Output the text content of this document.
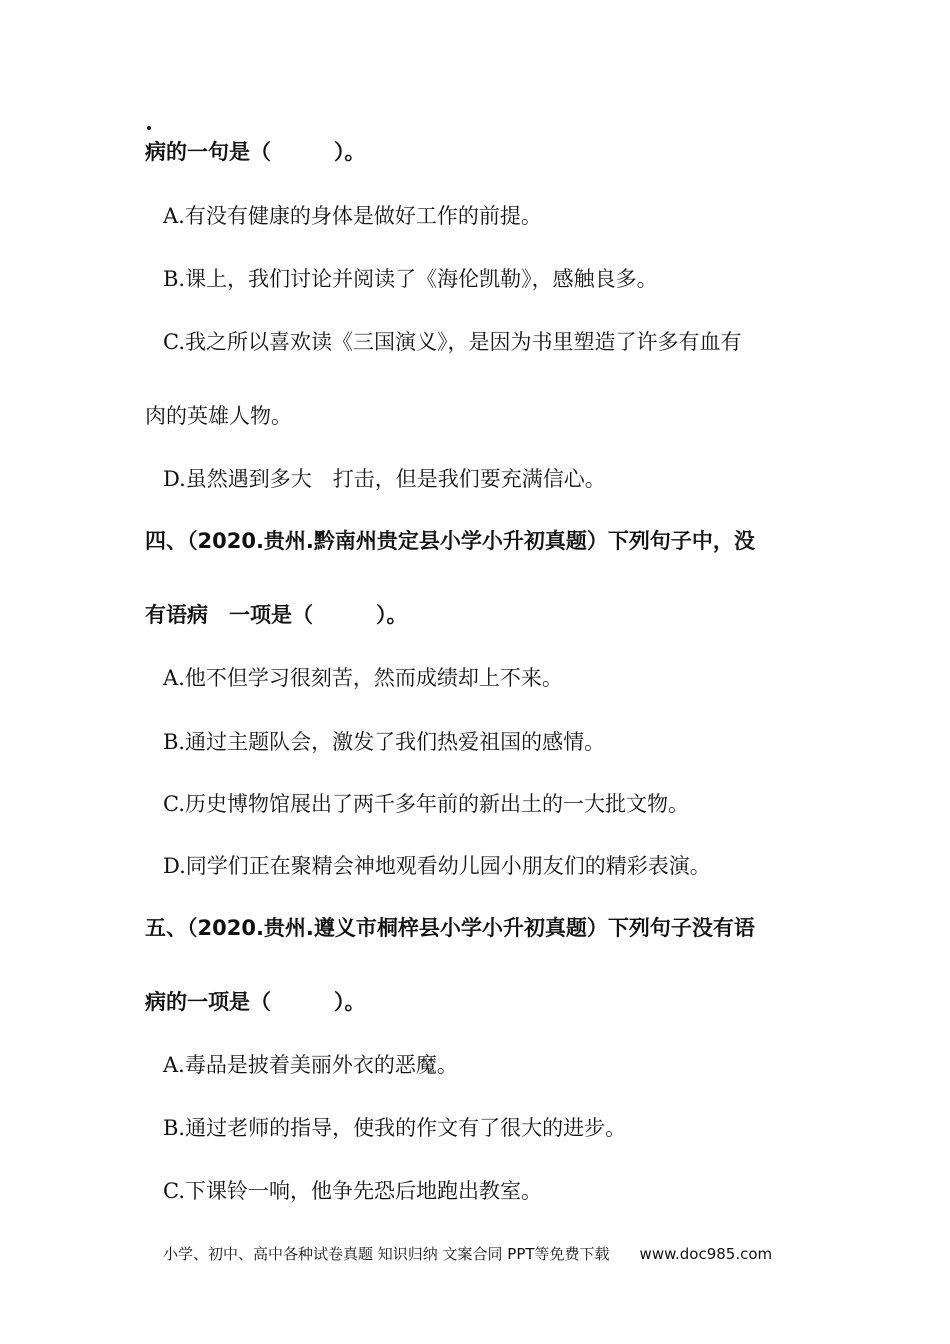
病的一句是（　　　）。
A.有没有健康的身体是做好工作的前提。
B.课上，我们讨论并阅读了《海伦凯勒》，感触良多。
C.我之所以喜欢读《三国演义》，是因为书里塑造了许多有血有
肉的英雄人物。
D.虽然遇到多大　打击，但是我们要充满信心。
四、（2020.贵州.黔南州贵定县小学小升初真题）下列句子中，没
有语病　一项是（　　　）。
A.他不但学习很刻苦，然而成绩却上不来。
B.通过主题队会，激发了我们热爱祖国的感情。
C.历史博物馆展出了两千多年前的新出土的一大批文物。
D.同学们正在聚精会神地观看幼儿园小朋友们的精彩表演。
五、（2020.贵州.遵义市桐梓县小学小升初真题）下列句子没有语
病的一项是（　　　）。
A.毒品是披着美丽外衣的恶魔。
B.通过老师的指导，使我的作文有了很大的进步。
C.下课铃一响，他争先恐后地跑出教室。
小学、初中、高中各种试卷真题 知识归纳 文案合同 PPT等免费下载　　www.doc985.com
